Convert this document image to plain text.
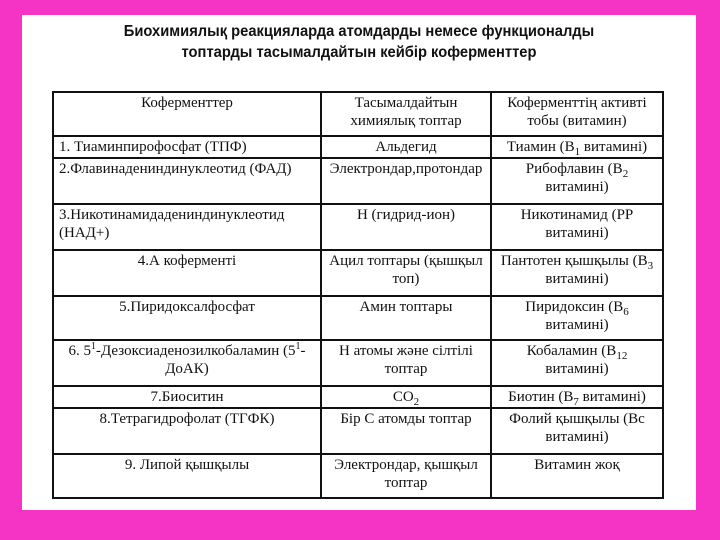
Биохимиялық реакцияларда атомдарды немесе функционалды
топтарды тасымалдайтын кейбір коферменттер
Коферменттер	Тасымалдайтын химиялық топтар	Коферменттің активті тобы (витамин)
1. Тиаминпирофосфат (ТПФ)	Альдегид	Тиамин ($B_1$ витамині)
2.Флавинадениндинуклеотид (ФАД)	Электрондар,протондар	Рибофлавин ($B_2$ витамині)
3.Никотинамидадениндинуклеотид (НАД+)	Н (гидрид-ион)	Никотинамид (РР витамині)
4.А коферменті	Ацил топтары (қышқыл топ)	Пантотен қышқылы ($B_3$ витамині)
5.Пиридоксалфосфат	Амин топтары	Пиридоксин ($B_6$ витамині)
6. $5^1$-Дезоксиаденозилкобаламин $(5^1-ДоАК)$	Н атомы және сілтілі топтар	Кобаламин ($B_{12}$ витамині)
7.Биоситин	$CO_2$	Биотин ($B_7$ витамині)
8.Тетрагидрофолат (ТГФК)	Бір С атомды топтар	Фолий қышқылы (Вс витамині)
9. Липой қышқылы	Электрондар, қышқыл топтар	Витамин жоқ
